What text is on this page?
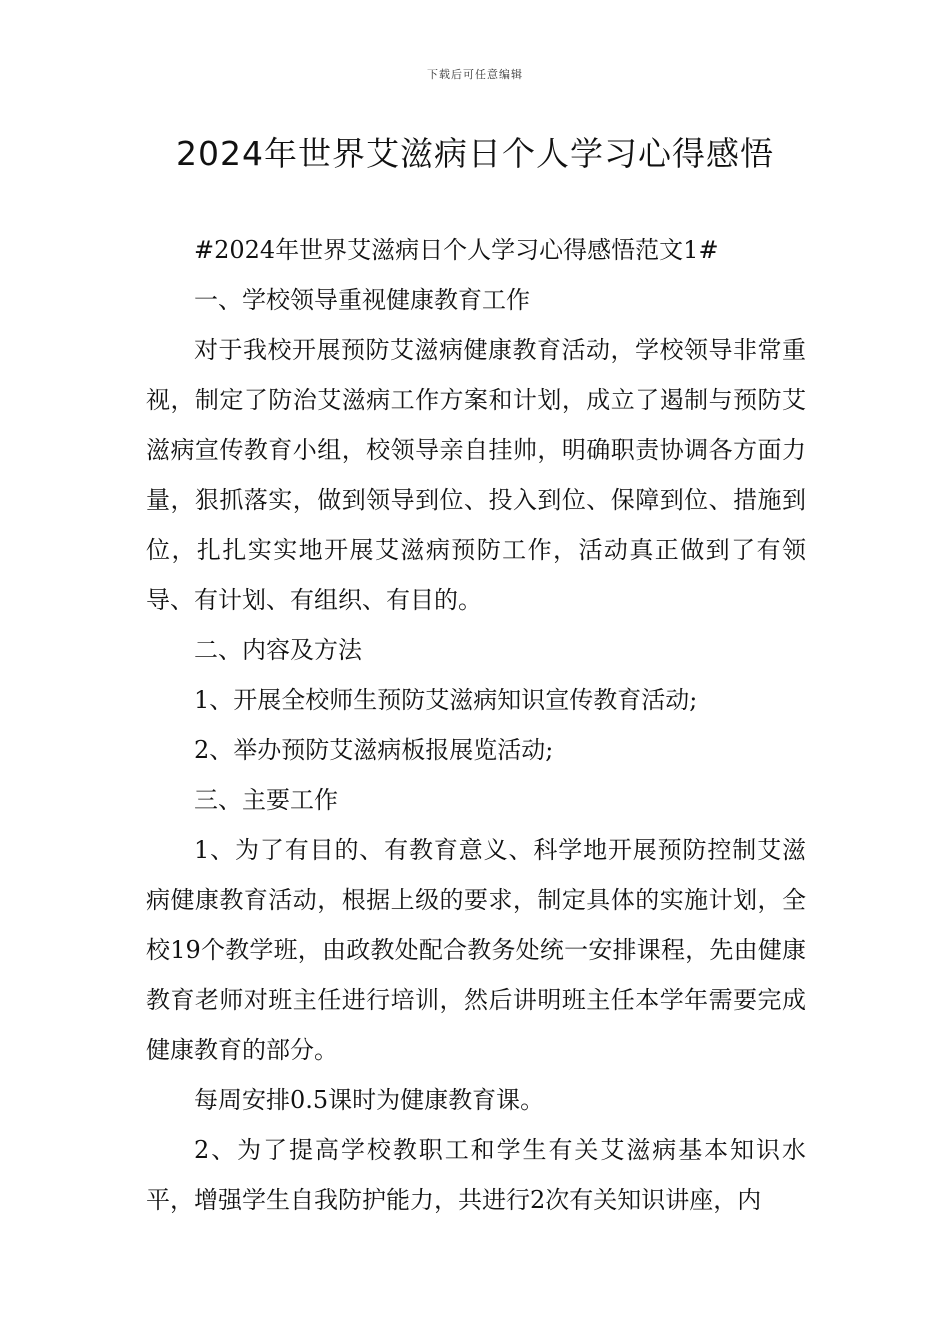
下载后可任意编辑
2024年世界艾滋病日个人学习心得感悟

#2024年世界艾滋病日个人学习心得感悟范文1#

一、学校领导重视健康教育工作

对于我校开展预防艾滋病健康教育活动，学校领导非常重视，制定了防治艾滋病工作方案和计划，成立了遏制与预防艾滋病宣传教育小组，校领导亲自挂帅，明确职责协调各方面力量，狠抓落实，做到领导到位、投入到位、保障到位、措施到位，扎扎实实地开展艾滋病预防工作，活动真正做到了有领导、有计划、有组织、有目的。

二、内容及方法

1、开展全校师生预防艾滋病知识宣传教育活动;

2、举办预防艾滋病板报展览活动;

三、主要工作

1、为了有目的、有教育意义、科学地开展预防控制艾滋病健康教育活动，根据上级的要求，制定具体的实施计划，全校19个教学班，由政教处配合教务处统一安排课程，先由健康教育老师对班主任进行培训，然后讲明班主任本学年需要完成健康教育的部分。

每周安排0.5课时为健康教育课。

2、为了提高学校教职工和学生有关艾滋病基本知识水平，增强学生自我防护能力，共进行2次有关知识讲座，内
